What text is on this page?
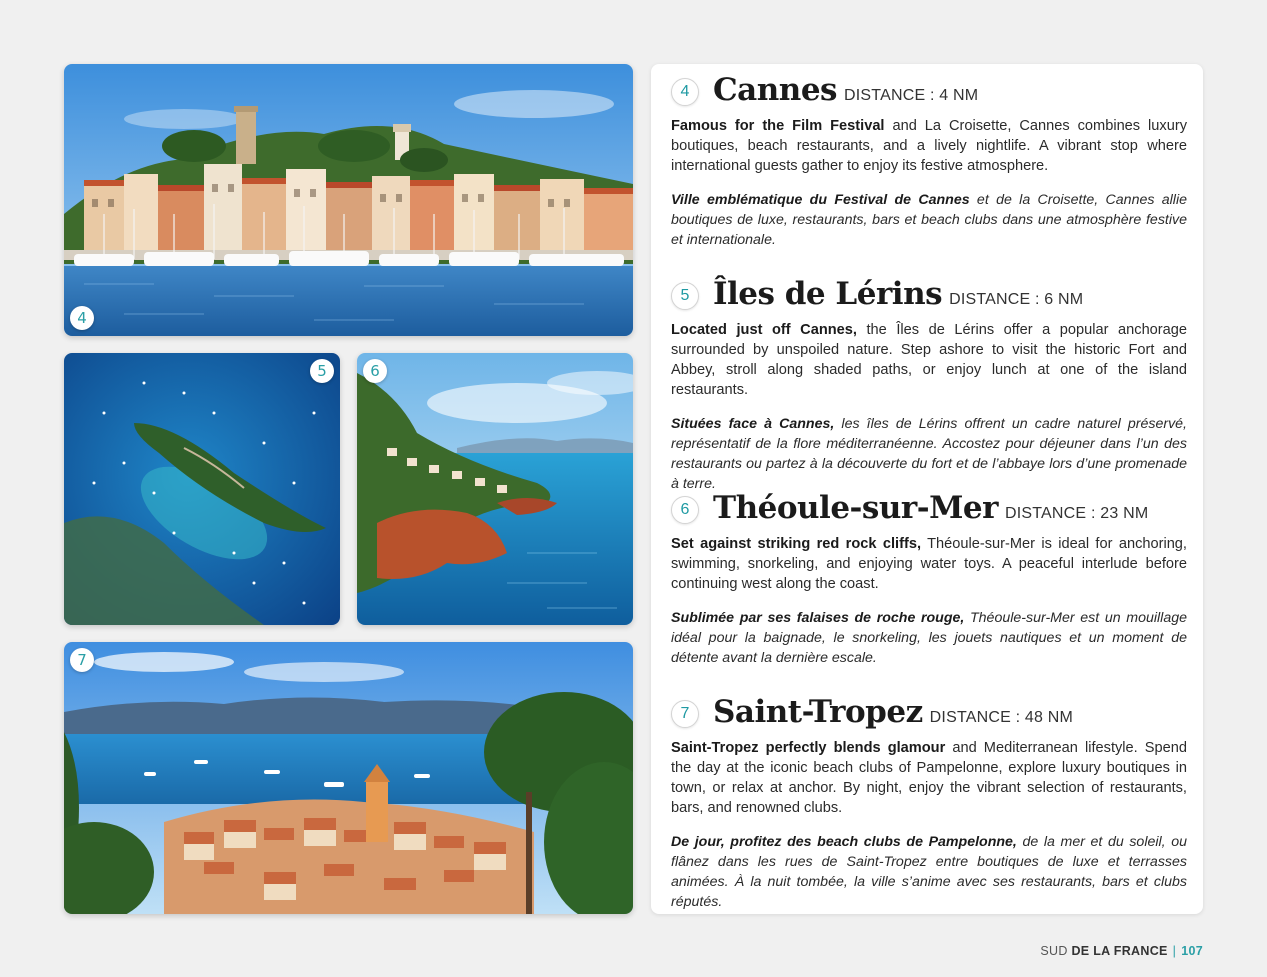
4
5	6
7
4 Cannes DISTANCE : 4 NM

Famous for the Film Festival and La Croisette, Cannes combines luxury boutiques, beach restaurants, and a lively nightlife. A vibrant stop where international guests gather to enjoy its festive atmosphere.

Ville emblématique du Festival de Cannes et de la Croisette, Cannes allie boutiques de luxe, restaurants, bars et beach clubs dans une atmosphère festive et internationale.

5 Îles de Lérins DISTANCE : 6 NM

Located just off Cannes, the Îles de Lérins offer a popular anchorage surrounded by unspoiled nature. Step ashore to visit the historic Fort and Abbey, stroll along shaded paths, or enjoy lunch at one of the island restaurants.

Situées face à Cannes, les îles de Lérins offrent un cadre naturel préservé, représentatif de la flore méditerranéenne. Accostez pour déjeuner dans l’un des restaurants ou partez à la découverte du fort et de l’abbaye lors d’une promenade à terre.

6 Théoule-sur-Mer DISTANCE : 23 NM

Set against striking red rock cliffs, Théoule-sur-Mer is ideal for anchoring, swimming, snorkeling, and enjoying water toys. A peaceful interlude before continuing west along the coast.

Sublimée par ses falaises de roche rouge, Théoule-sur-Mer est un mouillage idéal pour la baignade, le snorkeling, les jouets nautiques et un moment de détente avant la dernière escale.

7 Saint-Tropez DISTANCE : 48 NM

Saint-Tropez perfectly blends glamour and Mediterranean lifestyle. Spend the day at the iconic beach clubs of Pampelonne, explore luxury boutiques in town, or relax at anchor. By night, enjoy the vibrant selection of restaurants, bars, and renowned clubs.

De jour, profitez des beach clubs de Pampelonne, de la mer et du soleil, ou flânez dans les rues de Saint-Tropez entre boutiques de luxe et terrasses animées. À la nuit tombée, la ville s’anime avec ses restaurants, bars et clubs réputés.

SUD DE LA FRANCE | 107
